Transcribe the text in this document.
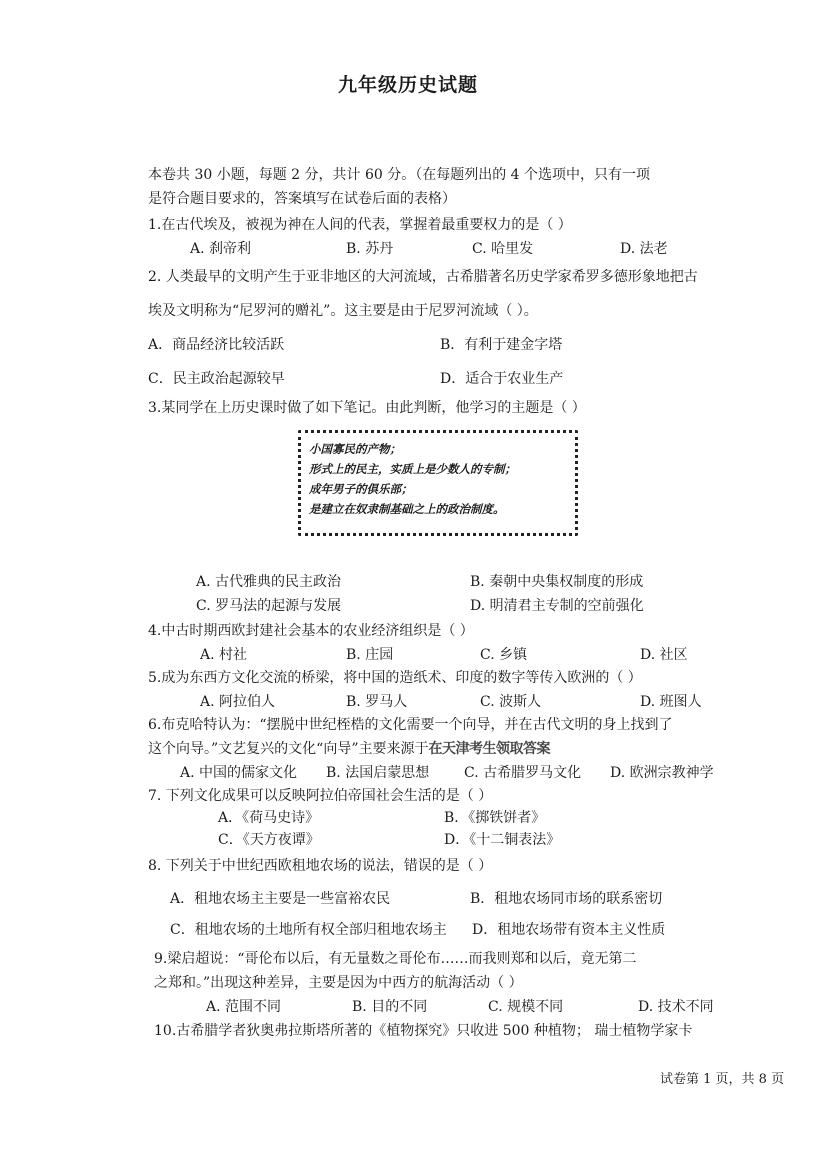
九年级历史试题
本卷共 30 小题，每题 2 分，共计 60 分。（在每题列出的 4 个选项中，只有一项
是符合题目要求的，答案填写在试卷后面的表格）
1.在古代埃及，被视为神在人间的代表，掌握着最重要权力的是（ ）
A. 刹帝利	B. 苏丹	C. 哈里发	D. 法老
2. 人类最早的文明产生于亚非地区的大河流域，古希腊著名历史学家希罗多德形象地把古
埃及文明称为“尼罗河的赠礼”。这主要是由于尼罗河流域（ ）。
A．商品经济比较活跃	B．有利于建金字塔
C．民主政治起源较早	D．适合于农业生产
3.某同学在上历史课时做了如下笔记。由此判断，他学习的主题是（ ）
小国寡民的产物；
形式上的民主，实质上是少数人的专制；
成年男子的俱乐部；
是建立在奴隶制基础之上的政治制度。
A. 古代雅典的民主政治	B. 秦朝中央集权制度的形成
C. 罗马法的起源与发展	D. 明清君主专制的空前强化
4.中古时期西欧封建社会基本的农业经济组织是（ ）
A. 村社	B. 庄园	C. 乡镇	D. 社区
5.成为东西方文化交流的桥梁，将中国的造纸术、印度的数字等传入欧洲的（ ）
A. 阿拉伯人	B. 罗马人	C. 波斯人	D. 班图人
6.布克哈特认为：“摆脱中世纪桎梏的文化需要一个向导，并在古代文明的身上找到了
这个向导。”文艺复兴的文化“向导”主要来源于在天津考生领取答案
A. 中国的儒家文化 B. 法国启蒙思想 C. 古希腊罗马文化 D. 欧洲宗教神学
7. 下列文化成果可以反映阿拉伯帝国社会生活的是（ ）
A．《荷马史诗》	B．《掷铁饼者》
C．《天方夜谭》	D．《十二铜表法》
8. 下列关于中世纪西欧租地农场的说法，错误的是（ ）
A．租地农场主主要是一些富裕农民	B．租地农场同市场的联系密切
C．租地农场的土地所有权全部归租地农场主 D．租地农场带有资本主义性质
9.梁启超说：“哥伦布以后，有无量数之哥伦布……而我则郑和以后，竟无第二
之郑和。”出现这种差异，主要是因为中西方的航海活动（ ）
A. 范围不同	B. 目的不同	C. 规模不同	D. 技术不同
10.古希腊学者狄奥弗拉斯塔所著的《植物探究》只收进 500 种植物； 瑞士植物学家卡
试卷第 1 页，共 8 页
